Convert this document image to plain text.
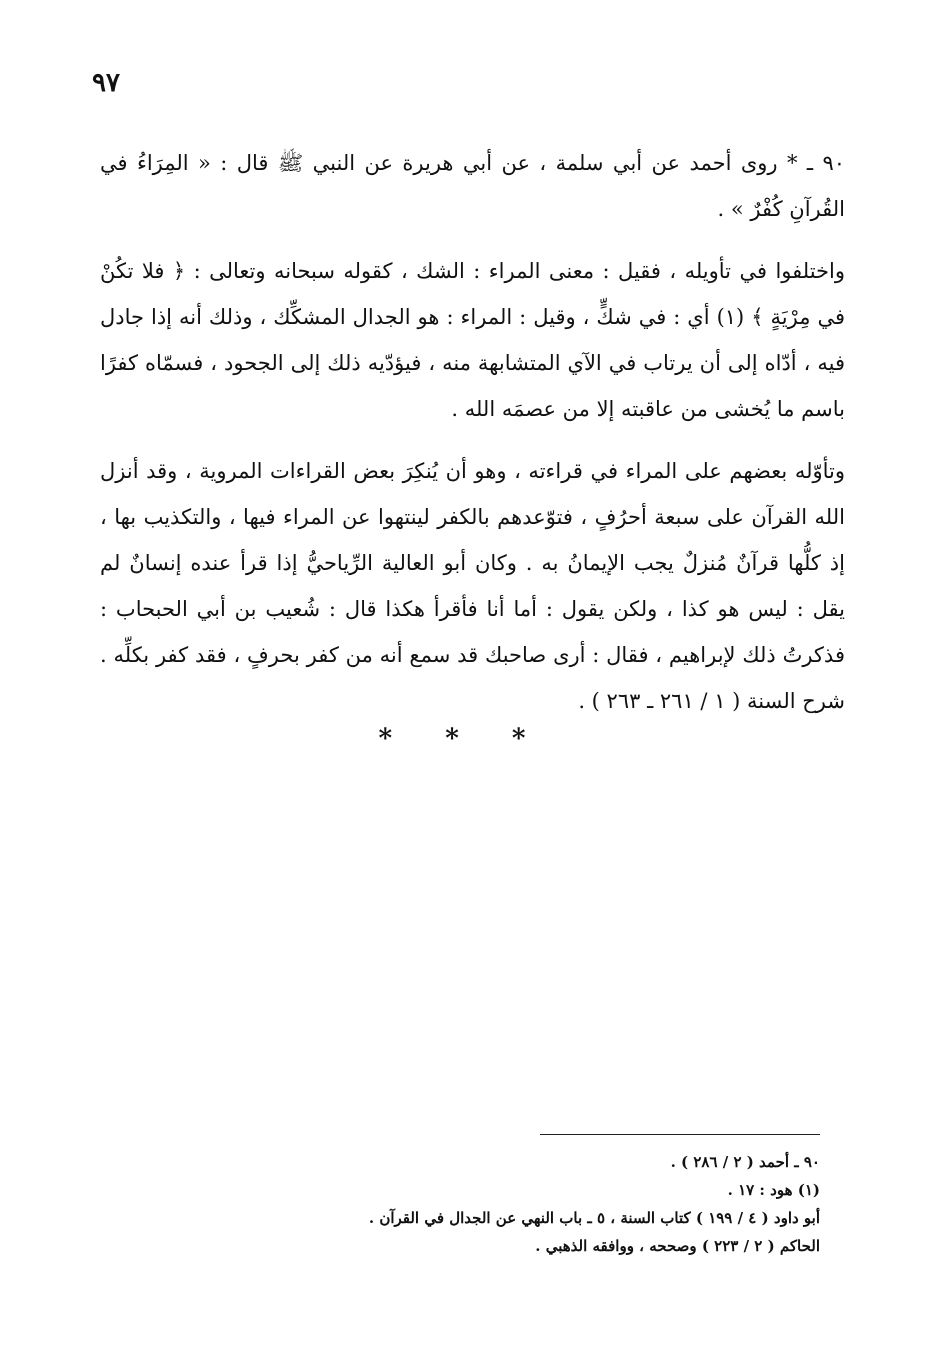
٩٧

٩٠ ـ * روى أحمد عن أبي سلمة ، عن أبي هريرة عن النبي ﷺ قال : « المِرَاءُ في القُرآنِ كُفْرٌ » .

واختلفوا في تأويله ، فقيل : معنى المراء : الشك ، كقوله سبحانه وتعالى : ﴿ فلا تكُنْ في مِرْيَةٍ ﴾ (١) أي : في شكٍّ ، وقيل : المراء : هو الجدال المشكِّك ، وذلك أنه إذا جادل فيه ، أدّاه إلى أن يرتاب في الآي المتشابهة منه ، فيؤدّيه ذلك إلى الجحود ، فسمّاه كفرًا باسم ما يُخشى من عاقبته إلا من عصمَه الله .

وتأوّله بعضهم على المراء في قراءته ، وهو أن يُنكِرَ بعض القراءات المروية ، وقد أنزل الله القرآن على سبعة أحرُفٍ ، فتوّعدهم بالكفر لينتهوا عن المراء فيها ، والتكذيب بها ، إذ كلُّها قرآنٌ مُنزلٌ يجب الإيمانُ به . وكان أبو العالية الرِّياحيُّ إذا قرأ عنده إنسانٌ لم يقل : ليس هو كذا ، ولكن يقول : أما أنا فأقرأ هكذا قال : شُعيب بن أبي الحبحاب : فذكرتُ ذلك لإبراهيم ، فقال : أرى صاحبك قد سمع أنه من كفر بحرفٍ ، فقد كفر بكلِّه . شرح السنة ( ١ / ٢٦١ ـ ٢٦٣ ) .

* * *
٩٠ ـ أحمد ( ٢ / ٢٨٦ ) .
(١) هود : ١٧ .
أبو داود ( ٤ / ١٩٩ ) كتاب السنة ، ٥ ـ باب النهي عن الجدال في القرآن .
الحاكم ( ٢ / ٢٢٣ ) وصححه ، ووافقه الذهبي .
